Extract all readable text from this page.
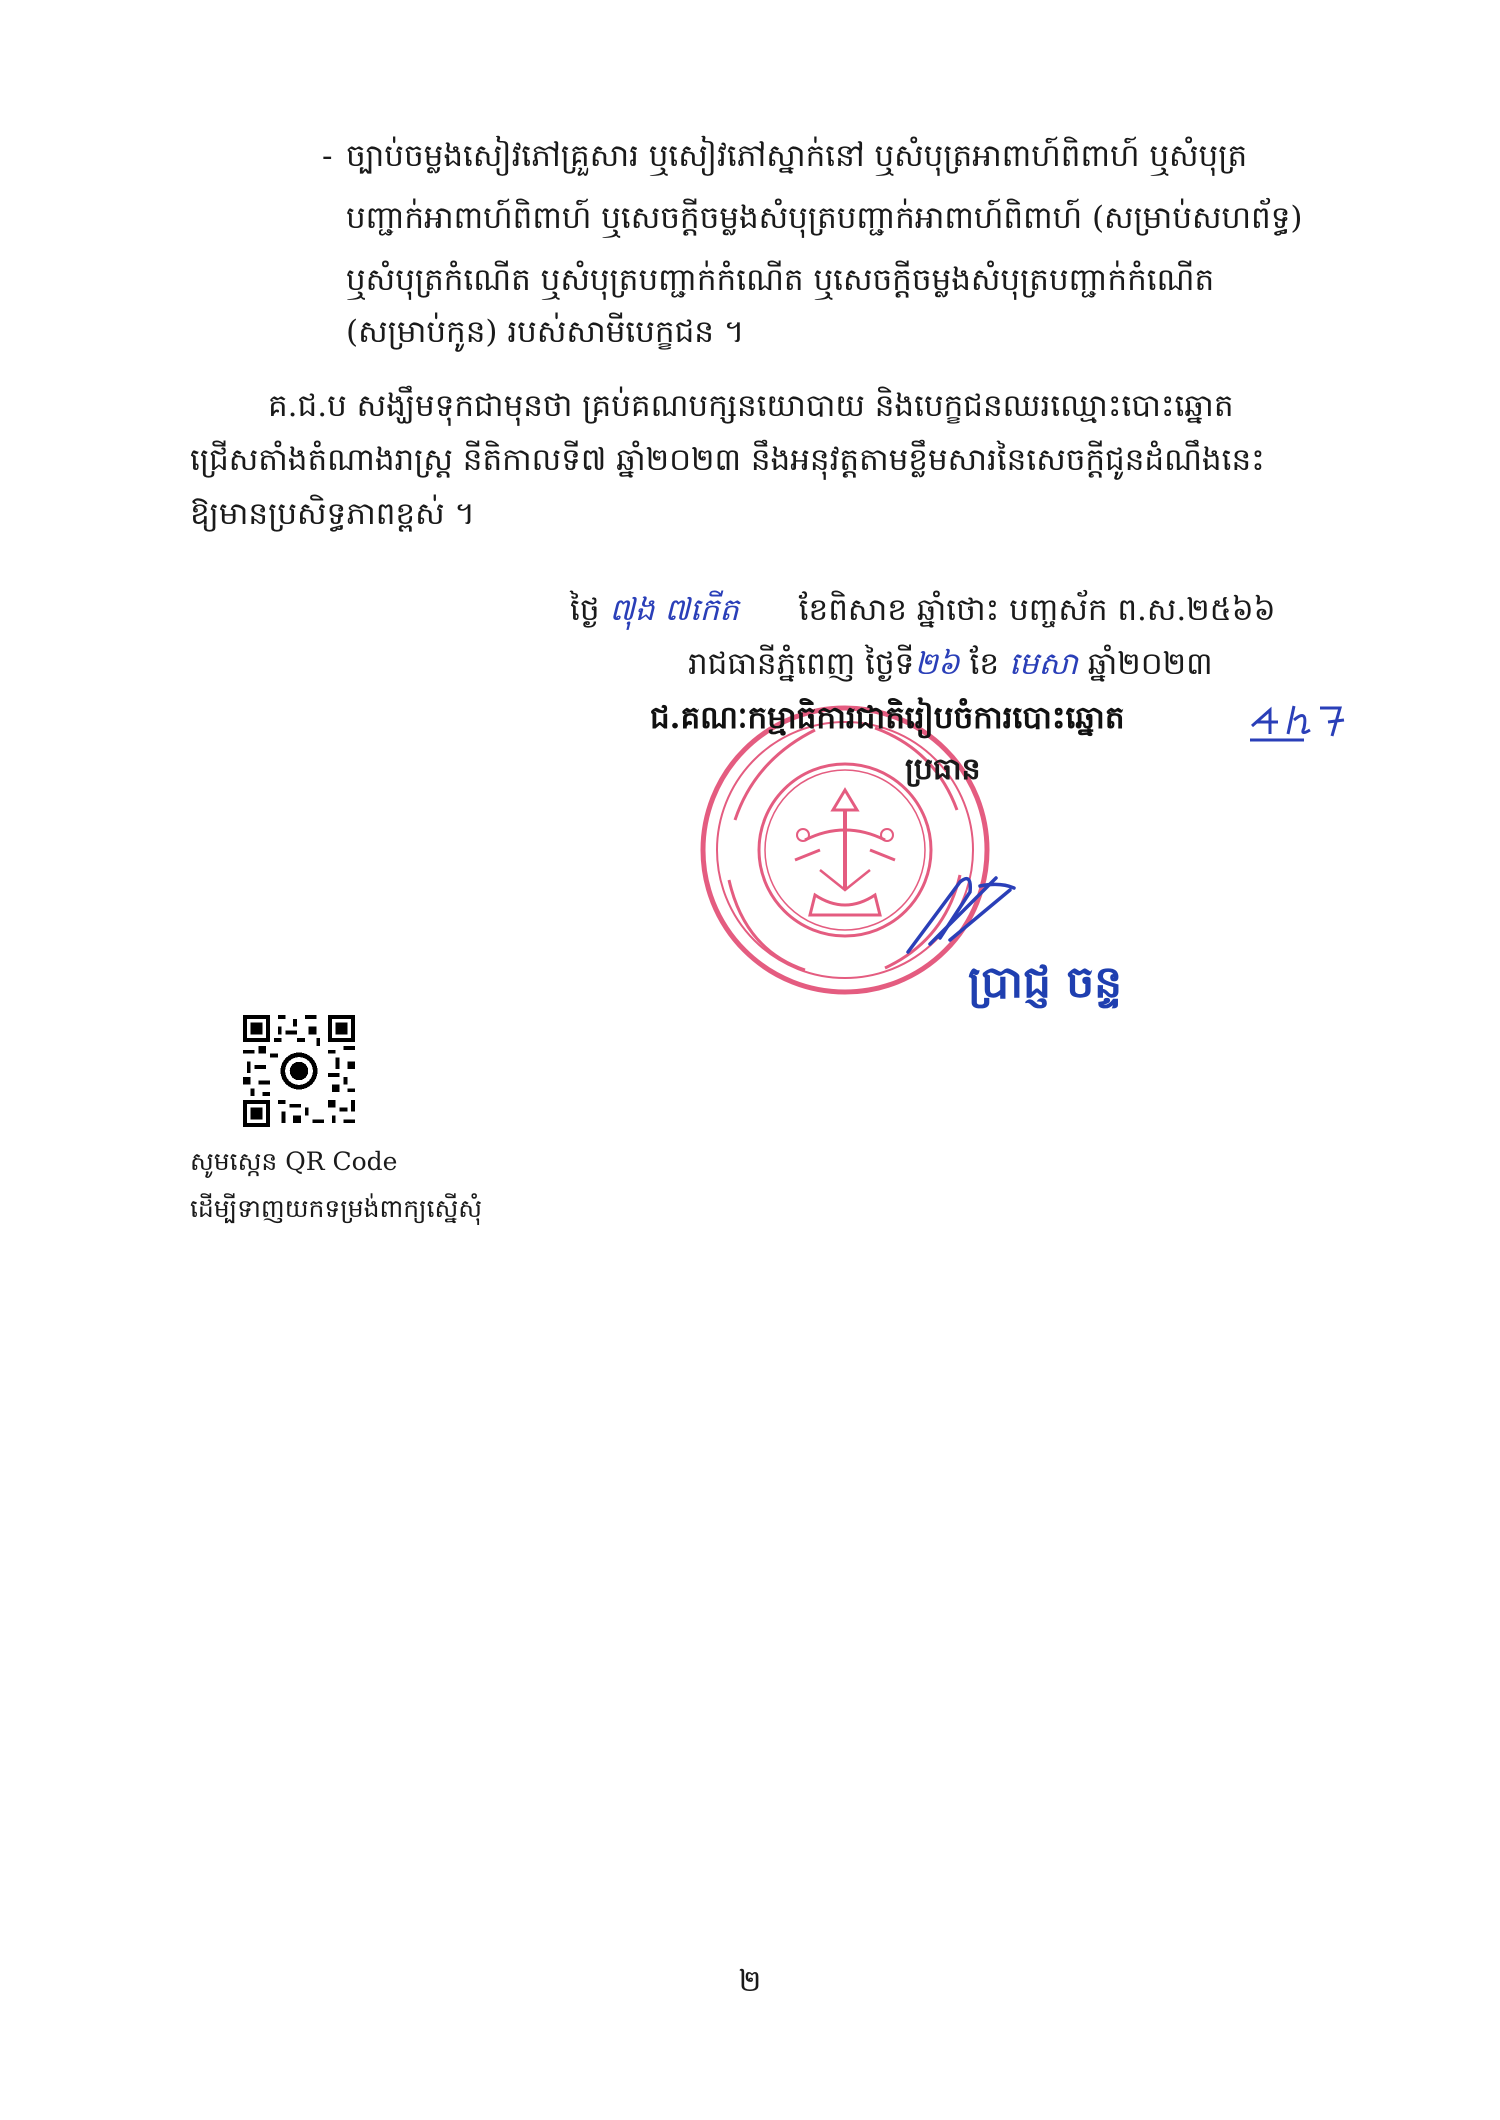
- ច្បាប់ចម្លងសៀវភៅគ្រួសារ ឬសៀវភៅស្នាក់នៅ ឬសំបុត្រអាពាហ៍ពិពាហ៍ ឬសំបុត្រ
បញ្ជាក់អាពាហ៍ពិពាហ៍ ឬសេចក្តីចម្លងសំបុត្របញ្ជាក់អាពាហ៍ពិពាហ៍ (សម្រាប់សហព័ទ្ធ)
ឬសំបុត្រកំណើត ឬសំបុត្របញ្ជាក់កំណើត ឬសេចក្តីចម្លងសំបុត្របញ្ជាក់កំណើត
(សម្រាប់កូន) របស់សាមីបេក្ខជន ។
គ.ជ.ប សង្ឃឹមទុកជាមុនថា គ្រប់គណបក្សនយោបាយ និងបេក្ខជនឈរឈ្មោះបោះឆ្នោត
ជ្រើសតាំងតំណាងរាស្ត្រ នីតិកាលទី៧ ឆ្នាំ២០២៣ នឹងអនុវត្តតាមខ្លឹមសារនៃសេចក្តីជូនដំណឹងនេះ
ឱ្យមានប្រសិទ្ធភាពខ្ពស់ ។
ថ្ងៃ ៧ុង ៧កើត ខែពិសាខ ឆ្នាំថោះ បញ្ចស័ក ព.ស.២៥៦៦
រាជធានីភ្នំពេញ ថ្ងៃទី២៦ ខែ មេសា ឆ្នាំ២០២៣
ជ.គណៈកម្មាធិការជាតិរៀបចំការបោះឆ្នោត
ប្រធាន
ប្រាជ្ញ ចន្ទ
សូមស្កេន QR Code
ដើម្បីទាញយកទម្រង់ពាក្យស្នើសុំ
២
